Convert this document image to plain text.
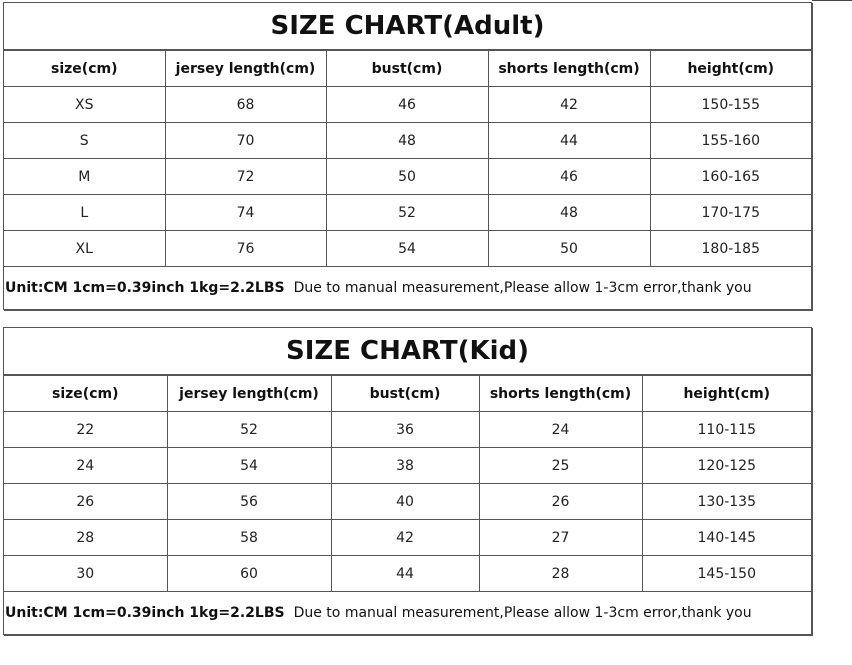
SIZE CHART(Adult)
size(cm)	jersey length(cm)	bust(cm)	shorts length(cm)	height(cm)
XS	68	46	42	150-155
S	70	48	44	155-160
M	72	50	46	160-165
L	74	52	48	170-175
XL	76	54	50	180-185
Unit:CM 1cm=0.39inch 1kg=2.2LBS Due to manual measurement,Please allow 1-3cm error,thank you
SIZE CHART(Kid)
size(cm)	jersey length(cm)	bust(cm)	shorts length(cm)	height(cm)
22	52	36	24	110-115
24	54	38	25	120-125
26	56	40	26	130-135
28	58	42	27	140-145
30	60	44	28	145-150
Unit:CM 1cm=0.39inch 1kg=2.2LBS Due to manual measurement,Please allow 1-3cm error,thank you
